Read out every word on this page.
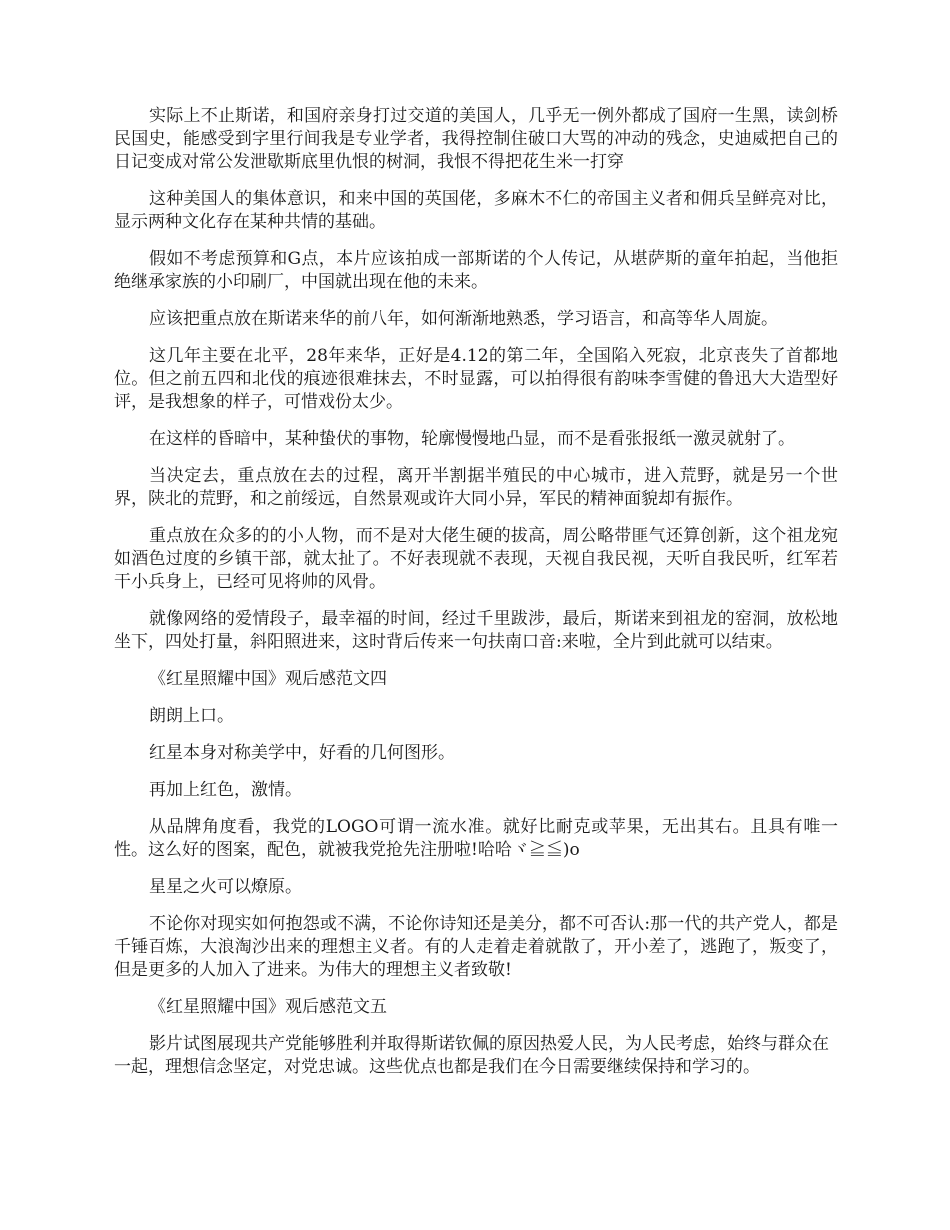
实际上不止斯诺，和国府亲身打过交道的美国人，几乎无一例外都成了国府一生黑，读剑桥民国史，能感受到字里行间我是专业学者，我得控制住破口大骂的冲动的残念，史迪威把自己的日记变成对常公发泄歇斯底里仇恨的树洞，我恨不得把花生米一打穿

这种美国人的集体意识，和来中国的英国佬，多麻木不仁的帝国主义者和佣兵呈鲜亮对比，显示两种文化存在某种共情的基础。

假如不考虑预算和G点，本片应该拍成一部斯诺的个人传记，从堪萨斯的童年拍起，当他拒绝继承家族的小印刷厂，中国就出现在他的未来。

应该把重点放在斯诺来华的前八年，如何渐渐地熟悉，学习语言，和高等华人周旋。

这几年主要在北平，28年来华，正好是4.12的第二年，全国陷入死寂，北京丧失了首都地位。但之前五四和北伐的痕迹很难抹去，不时显露，可以拍得很有韵味李雪健的鲁迅大大造型好评，是我想象的样子，可惜戏份太少。

在这样的昏暗中，某种蛰伏的事物，轮廓慢慢地凸显，而不是看张报纸一激灵就射了。

当决定去，重点放在去的过程，离开半割据半殖民的中心城市，进入荒野，就是另一个世界，陕北的荒野，和之前绥远，自然景观或许大同小异，军民的精神面貌却有振作。

重点放在众多的的小人物，而不是对大佬生硬的拔高，周公略带匪气还算创新，这个祖龙宛如酒色过度的乡镇干部，就太扯了。不好表现就不表现，天视自我民视，天听自我民听，红军若干小兵身上，已经可见将帅的风骨。

就像网络的爱情段子，最幸福的时间，经过千里跋涉，最后，斯诺来到祖龙的窑洞，放松地坐下，四处打量，斜阳照进来，这时背后传来一句扶南口音:来啦，全片到此就可以结束。

《红星照耀中国》观后感范文四

朗朗上口。

红星本身对称美学中，好看的几何图形。

再加上红色，激情。

从品牌角度看，我党的LOGO可谓一流水准。就好比耐克或苹果，无出其右。且具有唯一性。这么好的图案，配色，就被我党抢先注册啦!哈哈ヾ≧≦)o

星星之火可以燎原。

不论你对现实如何抱怨或不满，不论你诗知还是美分，都不可否认:那一代的共产党人，都是千锤百炼，大浪淘沙出来的理想主义者。有的人走着走着就散了，开小差了，逃跑了，叛变了，但是更多的人加入了进来。为伟大的理想主义者致敬!

《红星照耀中国》观后感范文五

影片试图展现共产党能够胜利并取得斯诺钦佩的原因热爱人民，为人民考虑，始终与群众在一起，理想信念坚定，对党忠诚。这些优点也都是我们在今日需要继续保持和学习的。
